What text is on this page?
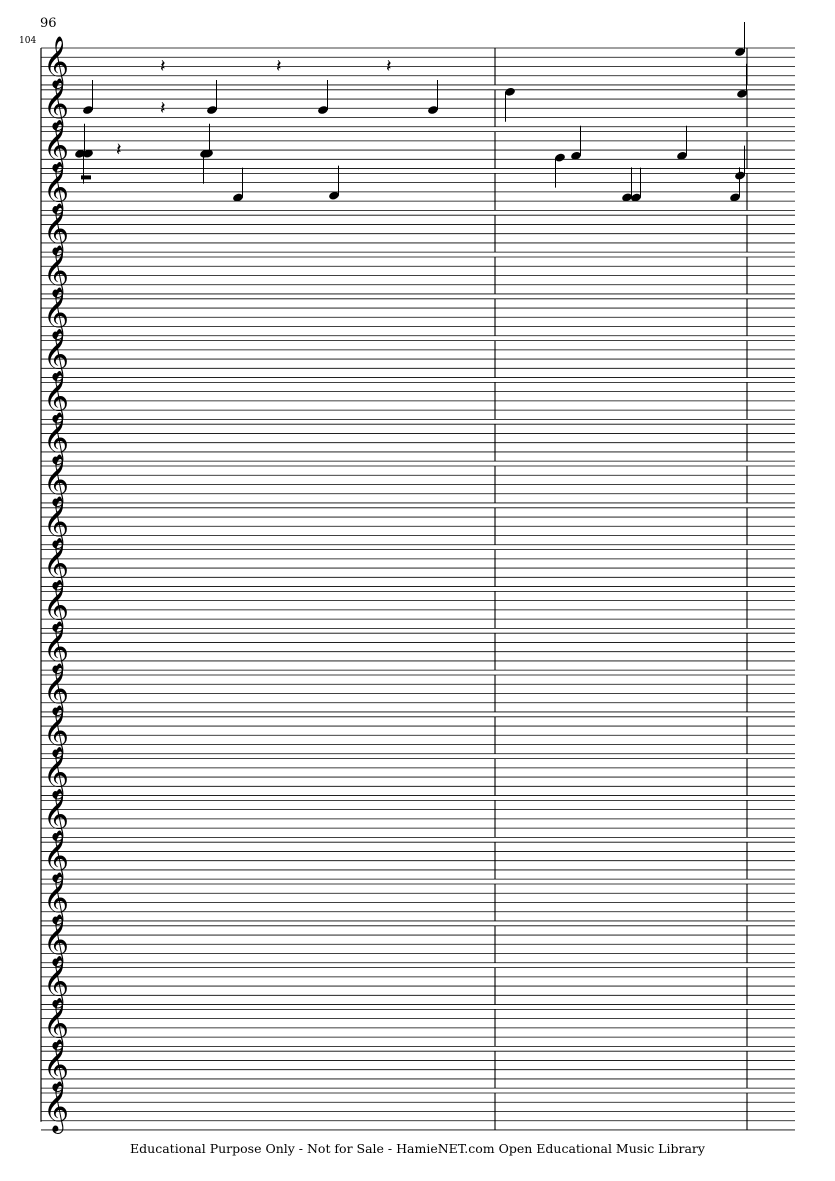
96
104 𝄞
𝄞
𝄞
𝄞
𝄞
𝄞
𝄞
𝄞
𝄞
𝄞
𝄞
𝄞
𝄞
𝄞
𝄞
𝄞
𝄞
𝄞
𝄞
𝄞
𝄞
𝄞
𝄞
𝄞
𝄞
𝄞
𝄽	𝄽	𝄽
𝄽
𝄽
Educational Purpose Only - Not for Sale - HamieNET.com Open Educational Music Library
